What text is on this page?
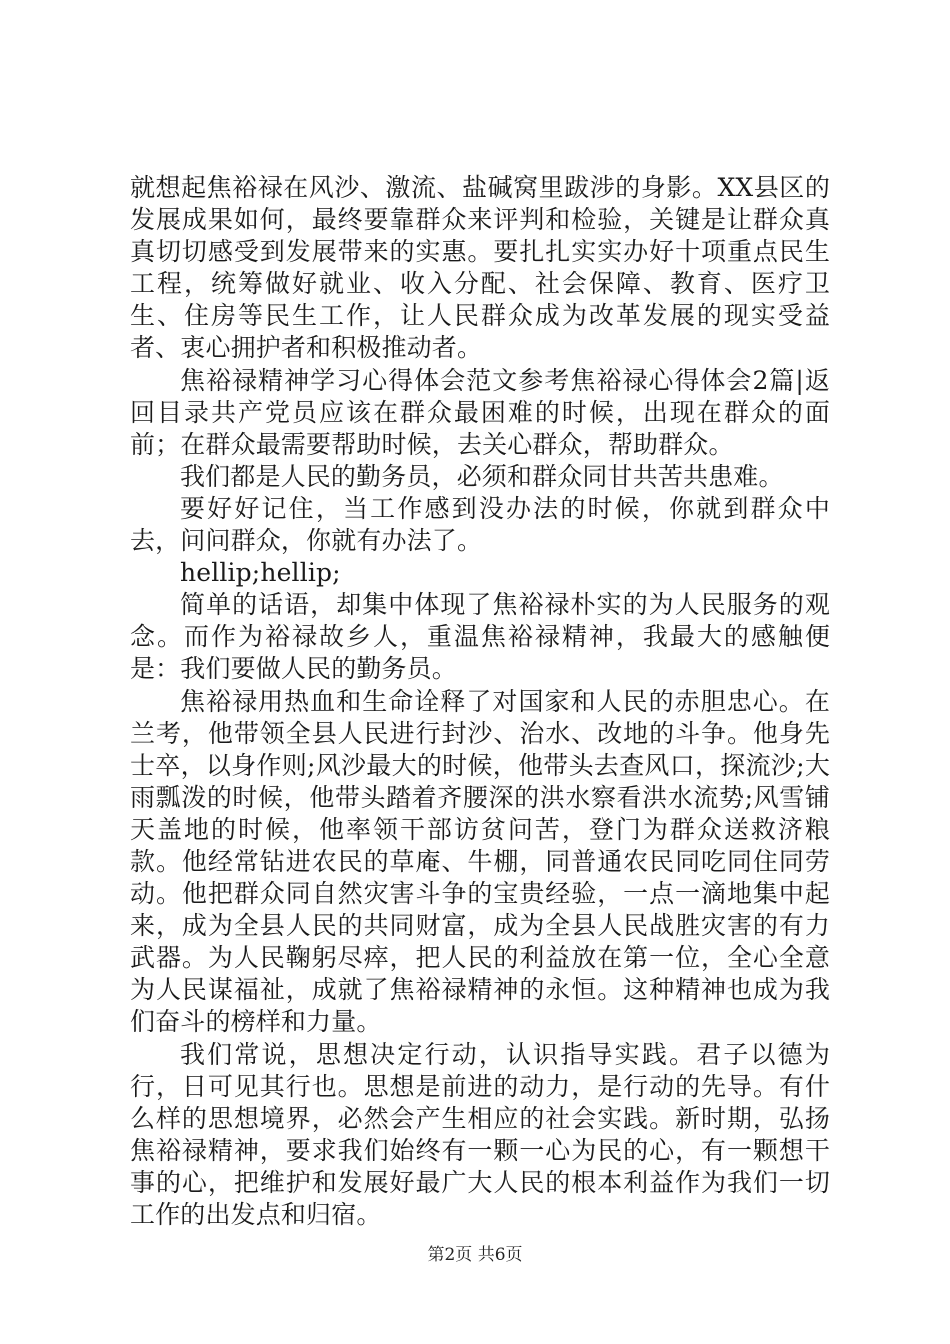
就想起焦裕禄在风沙、激流、盐碱窝里跋涉的身影。XX县区的发展成果如何，最终要靠群众来评判和检验，关键是让群众真真切切感受到发展带来的实惠。要扎扎实实办好十项重点民生工程，统筹做好就业、收入分配、社会保障、教育、医疗卫生、住房等民生工作，让人民群众成为改革发展的现实受益者、衷心拥护者和积极推动者。

焦裕禄精神学习心得体会范文参考焦裕禄心得体会2篇|返回目录共产党员应该在群众最困难的时候，出现在群众的面前；在群众最需要帮助时候，去关心群众，帮助群众。

我们都是人民的勤务员，必须和群众同甘共苦共患难。

要好好记住，当工作感到没办法的时候，你就到群众中去，问问群众，你就有办法了。

hellip;hellip;

简单的话语，却集中体现了焦裕禄朴实的为人民服务的观念。而作为裕禄故乡人，重温焦裕禄精神，我最大的感触便是：我们要做人民的勤务员。

焦裕禄用热血和生命诠释了对国家和人民的赤胆忠心。在兰考，他带领全县人民进行封沙、治水、改地的斗争。他身先士卒，以身作则;风沙最大的时候，他带头去查风口，探流沙;大雨瓢泼的时候，他带头踏着齐腰深的洪水察看洪水流势;风雪铺天盖地的时候，他率领干部访贫问苦，登门为群众送救济粮款。他经常钻进农民的草庵、牛棚，同普通农民同吃同住同劳动。他把群众同自然灾害斗争的宝贵经验，一点一滴地集中起来，成为全县人民的共同财富，成为全县人民战胜灾害的有力武器。为人民鞠躬尽瘁，把人民的利益放在第一位，全心全意为人民谋福祉，成就了焦裕禄精神的永恒。这种精神也成为我们奋斗的榜样和力量。

我们常说，思想决定行动，认识指导实践。君子以德为行，日可见其行也。思想是前进的动力，是行动的先导。有什么样的思想境界，必然会产生相应的社会实践。新时期，弘扬焦裕禄精神，要求我们始终有一颗一心为民的心，有一颗想干事的心，把维护和发展好最广大人民的根本利益作为我们一切工作的出发点和归宿。

第2页 共6页
